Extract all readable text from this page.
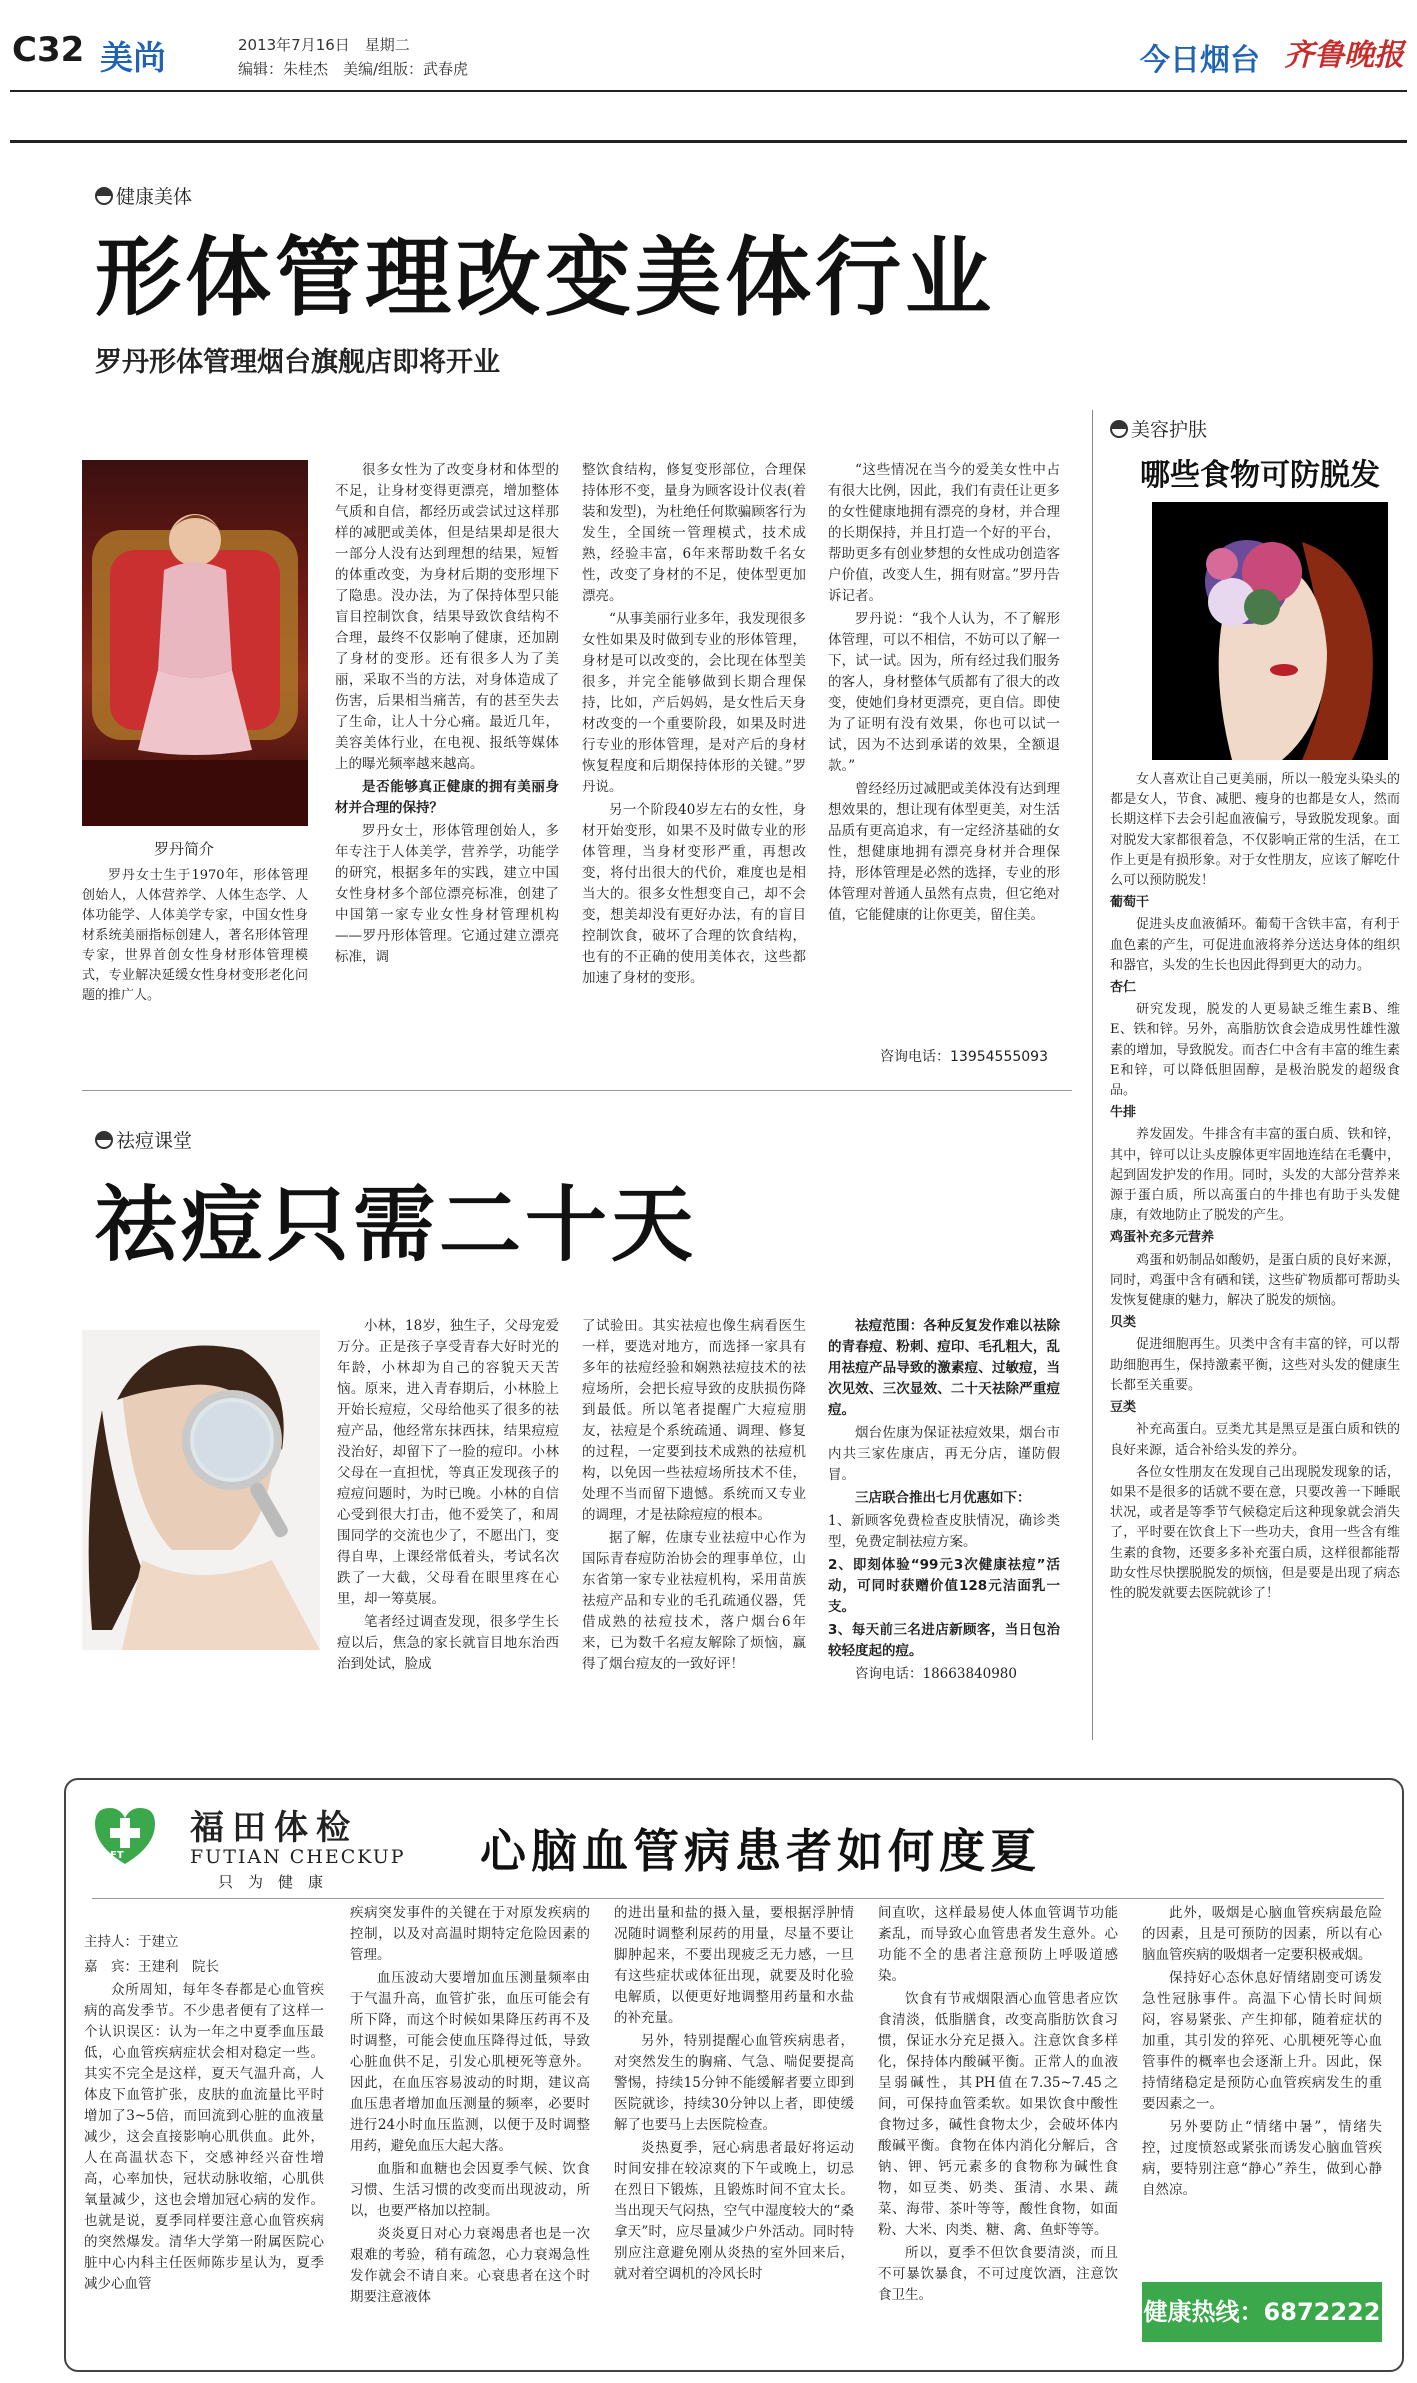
C32 美尚	2013年7月16日　星期二
编辑：朱桂杰　美编/组版：武春虎	今日烟台 齐鲁晚报
健康美体
形体管理改变美体行业
罗丹形体管理烟台旗舰店即将开业
罗丹简介

罗丹女士生于1970年，形体管理创始人，人体营养学、人体生态学、人体功能学、人体美学专家，中国女性身材系统美丽指标创建人，著名形体管理专家，世界首创女性身材形体管理模式，专业解决延缓女性身材变形老化问题的推广人。

很多女性为了改变身材和体型的不足，让身材变得更漂亮，增加整体气质和自信，都经历或尝试过这样那样的减肥或美体，但是结果却是很大一部分人没有达到理想的结果，短暂的体重改变，为身材后期的变形埋下了隐患。没办法，为了保持体型只能盲目控制饮食，结果导致饮食结构不合理，最终不仅影响了健康，还加剧了身材的变形。还有很多人为了美丽，采取不当的方法，对身体造成了伤害，后果相当痛苦，有的甚至失去了生命，让人十分心痛。最近几年，美容美体行业，在电视、报纸等媒体上的曝光频率越来越高。

是否能够真正健康的拥有美丽身材并合理的保持？

罗丹女士，形体管理创始人，多年专注于人体美学，营养学，功能学的研究，根据多年的实践，建立中国女性身材多个部位漂亮标准，创建了中国第一家专业女性身材管理机构——罗丹形体管理。它通过建立漂亮标准，调

整饮食结构，修复变形部位，合理保持体形不变，量身为顾客设计仪表(着装和发型)，为杜绝任何欺骗顾客行为发生，全国统一管理模式，技术成熟，经验丰富，6年来帮助数千名女性，改变了身材的不足，使体型更加漂亮。

“从事美丽行业多年，我发现很多女性如果及时做到专业的形体管理，身材是可以改变的，会比现在体型美很多，并完全能够做到长期合理保持，比如，产后妈妈，是女性后天身材改变的一个重要阶段，如果及时进行专业的形体管理，是对产后的身材恢复程度和后期保持体形的关键。”罗丹说。

另一个阶段40岁左右的女性，身材开始变形，如果不及时做专业的形体管理，当身材变形严重，再想改变，将付出很大的代价，难度也是相当大的。很多女性想变自己，却不会变，想美却没有更好办法，有的盲目控制饮食，破坏了合理的饮食结构，也有的不正确的使用美体衣，这些都加速了身材的变形。

“这些情况在当今的爱美女性中占有很大比例，因此，我们有责任让更多的女性健康地拥有漂亮的身材，并合理的长期保持，并且打造一个好的平台，帮助更多有创业梦想的女性成功创造客户价值，改变人生，拥有财富。”罗丹告诉记者。

罗丹说：“我个人认为，不了解形体管理，可以不相信，不妨可以了解一下，试一试。因为，所有经过我们服务的客人，身材整体气质都有了很大的改变，使她们身材更漂亮，更自信。即使为了证明有没有效果，你也可以试一试，因为不达到承诺的效果，全额退款。”

曾经经历过减肥或美体没有达到理想效果的，想让现有体型更美，对生活品质有更高追求，有一定经济基础的女性，想健康地拥有漂亮身材并合理保持，形体管理是必然的选择，专业的形体管理对普通人虽然有点贵，但它绝对值，它能健康的让你更美，留住美。

咨询电话：13954555093
美容护肤
哪些食物可防脱发

女人喜欢让自己更美丽，所以一般宠头染头的都是女人，节食、减肥、瘦身的也都是女人，然而长期这样下去会引起血液偏亏，导致脱发现象。面对脱发大家都很着急，不仅影响正常的生活，在工作上更是有损形象。对于女性朋友，应该了解吃什么可以预防脱发！

葡萄干

促进头皮血液循环。葡萄干含铁丰富，有利于血色素的产生，可促进血液将养分送达身体的组织和器官，头发的生长也因此得到更大的动力。

杏仁

研究发现，脱发的人更易缺乏维生素B、维E、铁和锌。另外，高脂肪饮食会造成男性雄性激素的增加，导致脱发。而杏仁中含有丰富的维生素E和锌，可以降低胆固醇，是极治脱发的超级食品。

牛排

养发固发。牛排含有丰富的蛋白质、铁和锌，其中，锌可以让头皮腺体更牢固地连结在毛囊中，起到固发护发的作用。同时，头发的大部分营养来源于蛋白质，所以高蛋白的牛排也有助于头发健康，有效地防止了脱发的产生。

鸡蛋补充多元营养

鸡蛋和奶制品如酸奶，是蛋白质的良好来源，同时，鸡蛋中含有硒和镁，这些矿物质都可帮助头发恢复健康的魅力，解决了脱发的烦恼。

贝类

促进细胞再生。贝类中含有丰富的锌，可以帮助细胞再生，保持激素平衡，这些对头发的健康生长都至关重要。

豆类

补充高蛋白。豆类尤其是黑豆是蛋白质和铁的良好来源，适合补给头发的养分。

各位女性朋友在发现自己出现脱发现象的话，如果不是很多的话就不要在意，只要改善一下睡眠状况，或者是等季节气候稳定后这种现象就会消失了，平时要在饮食上下一些功夫，食用一些含有维生素的食物，还要多多补充蛋白质，这样很都能帮助女性尽快摆脱脱发的烦恼，但是要是出现了病态性的脱发就要去医院就诊了！

祛痘课堂
祛痘只需二十天

小林，18岁，独生子，父母宠爱万分。正是孩子享受青春大好时光的年龄，小林却为自己的容貌天天苦恼。原来，进入青春期后，小林脸上开始长痘痘，父母给他买了很多的祛痘产品，他经常东抹西抹，结果痘痘没治好，却留下了一脸的痘印。小林父母在一直担忧，等真正发现孩子的痘痘问题时，为时已晚。小林的自信心受到很大打击，他不爱笑了，和周围同学的交流也少了，不愿出门，变得自卑，上课经常低着头，考试名次跌了一大截，父母看在眼里疼在心里，却一筹莫展。

笔者经过调查发现，很多学生长痘以后，焦急的家长就盲目地东治西治到处试，脸成

了试验田。其实祛痘也像生病看医生一样，要选对地方，而选择一家具有多年的祛痘经验和娴熟祛痘技术的祛痘场所，会把长痘导致的皮肤损伤降到最低。所以笔者提醒广大痘痘朋友，祛痘是个系统疏通、调理、修复的过程，一定要到技术成熟的祛痘机构，以免因一些祛痘场所技术不佳，处理不当而留下遗憾。系统而又专业的调理，才是祛除痘痘的根本。

据了解，佐康专业祛痘中心作为国际青春痘防治协会的理事单位，山东省第一家专业祛痘机构，采用苗族祛痘产品和专业的毛孔疏通仪器，凭借成熟的祛痘技术，落户烟台6年来，已为数千名痘友解除了烦恼，赢得了烟台痘友的一致好评！

祛痘范围：各种反复发作难以祛除的青春痘、粉刺、痘印、毛孔粗大，乱用祛痘产品导致的激素痘、过敏痘，当次见效、三次显效、二十天祛除严重痘痘。

烟台佐康为保证祛痘效果，烟台市内共三家佐康店，再无分店，谨防假冒。

三店联合推出七月优惠如下：

1、新顾客免费检查皮肤情况，确诊类型，免费定制祛痘方案。

2、即刻体验“99元3次健康祛痘”活动，可同时获赠价值128元洁面乳一支。

3、每天前三名进店新顾客，当日包治较轻度起的痘。

咨询电话：18663840980

FT
福田体检
FUTIAN CHECKUP
只　为　健　康
心脑血管病患者如何度夏
主持人：于建立
嘉　宾：王建利　院长

众所周知，每年冬春都是心血管疾病的高发季节。不少患者便有了这样一个认识误区：认为一年之中夏季血压最低，心血管疾病症状会相对稳定一些。其实不完全是这样，夏天气温升高，人体皮下血管扩张，皮肤的血流量比平时增加了3~5倍，而回流到心脏的血液量减少，这会直接影响心肌供血。此外，人在高温状态下，交感神经兴奋性增高，心率加快，冠状动脉收缩，心肌供氧量减少，这也会增加冠心病的发作。也就是说，夏季同样要注意心血管疾病的突然爆发。清华大学第一附属医院心脏中心内科主任医师陈步星认为，夏季减少心血管

疾病突发事件的关键在于对原发疾病的控制，以及对高温时期特定危险因素的管理。

血压波动大要增加血压测量频率由于气温升高，血管扩张，血压可能会有所下降，而这个时候如果降压药再不及时调整，可能会使血压降得过低，导致心脏血供不足，引发心肌梗死等意外。因此，在血压容易波动的时期，建议高血压患者增加血压测量的频率，必要时进行24小时血压监测，以便于及时调整用药，避免血压大起大落。

血脂和血糖也会因夏季气候、饮食习惯、生活习惯的改变而出现波动，所以，也要严格加以控制。

炎炎夏日对心力衰竭患者也是一次艰难的考验，稍有疏忽，心力衰竭急性发作就会不请自来。心衰患者在这个时期要注意液体

的进出量和盐的摄入量，要根据浮肿情况随时调整利尿药的用量，尽量不要让脚肿起来，不要出现疲乏无力感，一旦有这些症状或体征出现，就要及时化验电解质，以便更好地调整用药量和水盐的补充量。

另外，特别提醒心血管疾病患者，对突然发生的胸痛、气急、喘促要提高警惕，持续15分钟不能缓解者要立即到医院就诊，持续30分钟以上者，即使缓解了也要马上去医院检查。

炎热夏季，冠心病患者最好将运动时间安排在较凉爽的下午或晚上，切忌在烈日下锻炼，且锻炼时间不宜太长。当出现天气闷热，空气中湿度较大的“桑拿天”时，应尽量减少户外活动。同时特别应注意避免刚从炎热的室外回来后，就对着空调机的冷风长时

间直吹，这样最易使人体血管调节功能紊乱，而导致心血管患者发生意外。心功能不全的患者注意预防上呼吸道感染。

饮食有节戒烟限酒心血管患者应饮食清淡，低脂膳食，改变高脂肪饮食习惯，保证水分充足摄入。注意饮食多样化，保持体内酸碱平衡。正常人的血液呈弱碱性，其PH值在7.35~7.45之间，可保持血管柔软。如果饮食中酸性食物过多，碱性食物太少，会破坏体内酸碱平衡。食物在体内消化分解后，含钠、钾、钙元素多的食物称为碱性食物，如豆类、奶类、蛋清、水果、蔬菜、海带、茶叶等等，酸性食物，如面粉、大米、肉类、糖、禽、鱼虾等等。

所以，夏季不但饮食要清淡，而且不可暴饮暴食，不可过度饮酒，注意饮食卫生。

此外，吸烟是心脑血管疾病最危险的因素，且是可预防的因素，所以有心脑血管疾病的吸烟者一定要积极戒烟。

保持好心态休息好情绪剧变可诱发急性冠脉事件。高温下心情长时间烦闷，容易紧张、产生抑郁，随着症状的加重，其引发的猝死、心肌梗死等心血管事件的概率也会逐渐上升。因此，保持情绪稳定是预防心血管疾病发生的重要因素之一。

另外要防止“情绪中暑”，情绪失控，过度愤怒或紧张而诱发心脑血管疾病，要特别注意“静心”养生，做到心静自然凉。

健康热线：6872222
